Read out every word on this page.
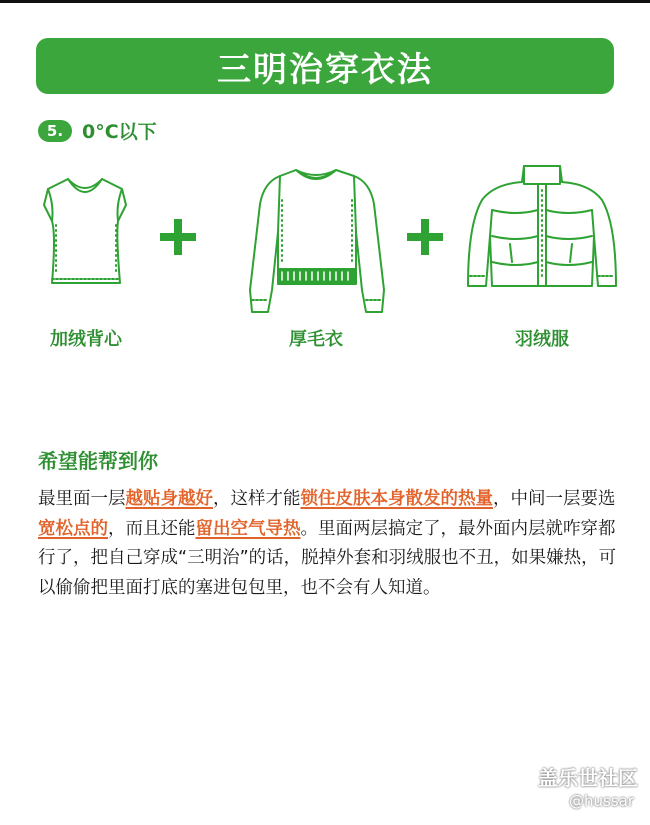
三明治穿衣法
5. 0°C以下
加绒背心	厚毛衣	羽绒服
希望能帮到你
最里面一层越贴身越好，这样才能锁住皮肤本身散发的热量，中间一层要选宽松点的，而且还能留出空气导热。里面两层搞定了，最外面内层就咋穿都行了，把自己穿成“三明治”的话，脱掉外套和羽绒服也不丑，如果嫌热，可以偷偷把里面打底的塞进包包里，也不会有人知道。
盖乐世社区
@hussar
